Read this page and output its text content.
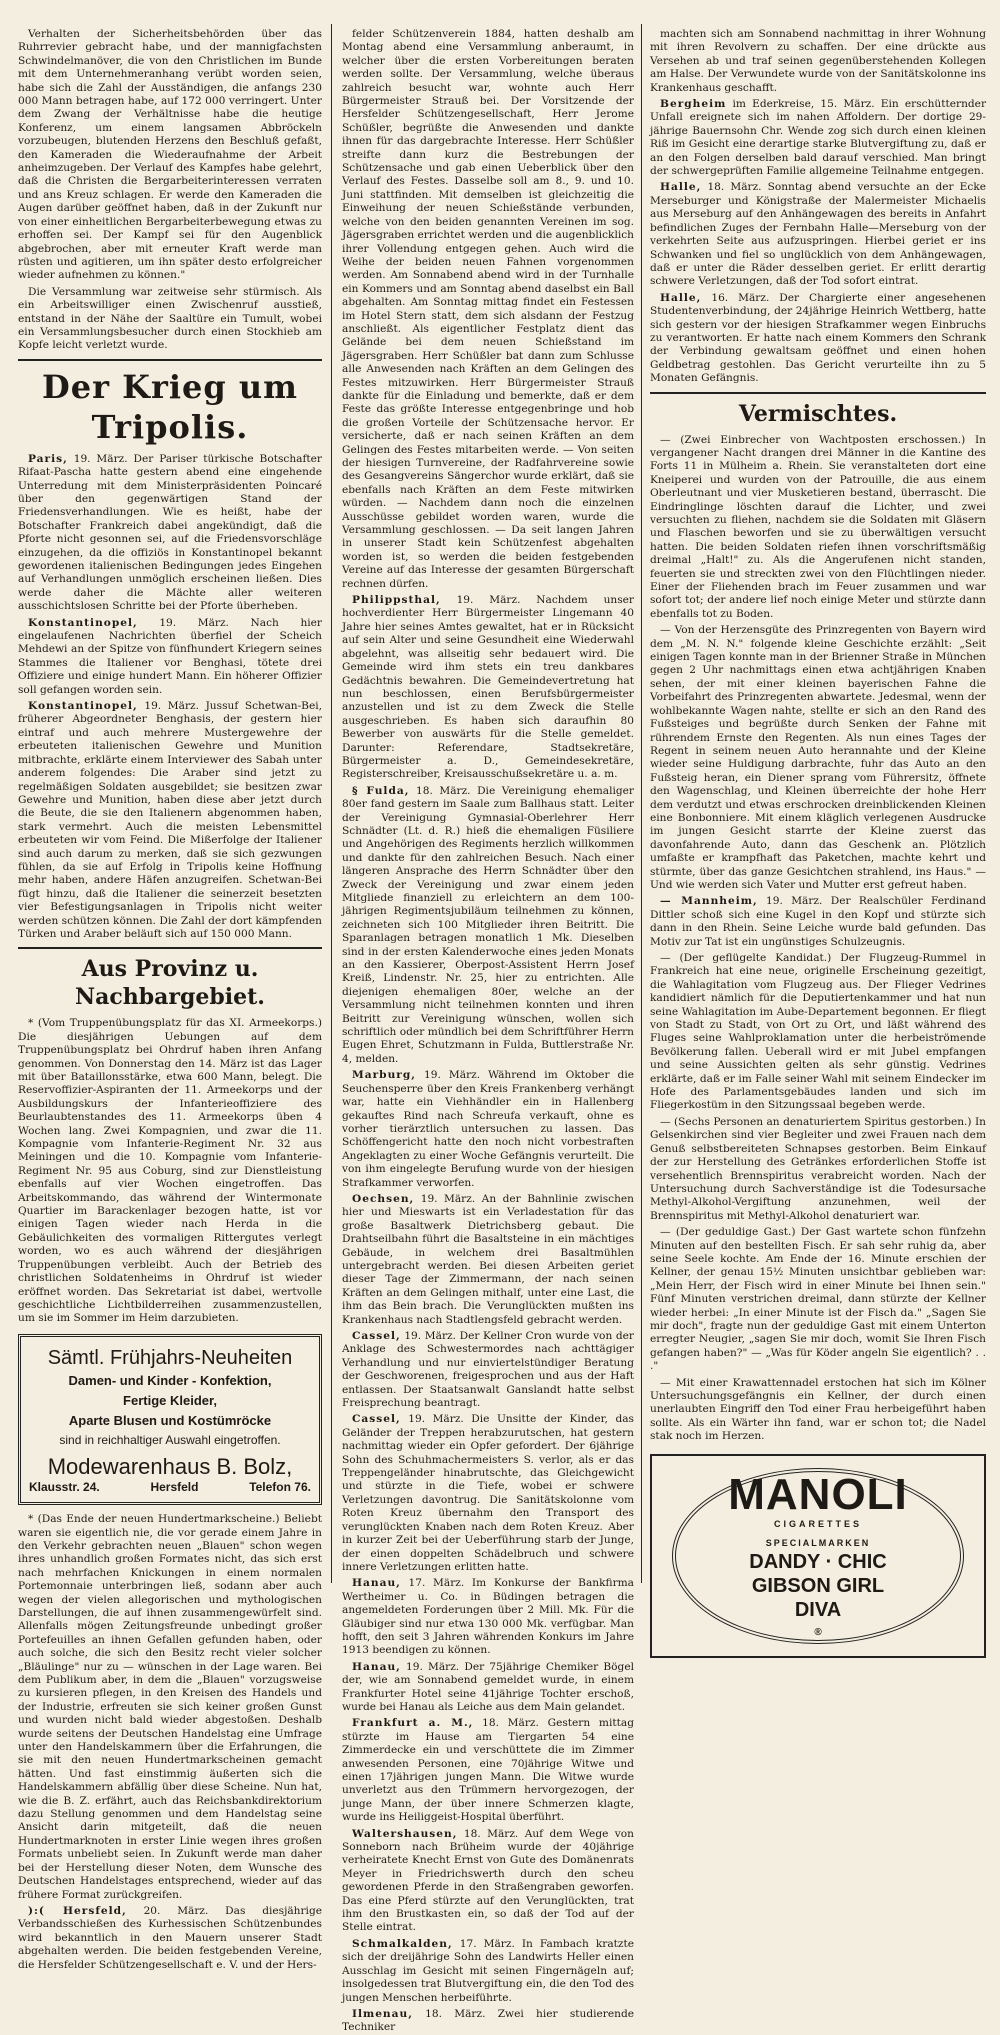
Verhalten der Sicherheitsbehörden über das Ruhrrevier gebracht habe, und der mannigfachsten Schwindelmanöver, die von den Christlichen im Bunde mit dem Unternehmeranhang verübt worden seien, habe sich die Zahl der Ausständigen, die anfangs 230 000 Mann betragen habe, auf 172 000 verringert. Unter dem Zwang der Verhältnisse habe die heutige Konferenz, um einem langsamen Abbröckeln vorzubeugen, blutenden Herzens den Beschluß gefaßt, den Kameraden die Wiederaufnahme der Arbeit anheimzugeben. Der Verlauf des Kampfes habe gelehrt, daß die Christen die Bergarbeiterinteressen verraten und ans Kreuz schlagen. Er werde den Kameraden die Augen darüber geöffnet haben, daß in der Zukunft nur von einer einheitlichen Bergarbeiterbewegung etwas zu erhoffen sei. Der Kampf sei für den Augenblick abgebrochen, aber mit erneuter Kraft werde man rüsten und agitieren, um ihn später desto erfolgreicher wieder aufnehmen zu können."

Die Versammlung war zeitweise sehr stürmisch. Als ein Arbeitswilliger einen Zwischenruf ausstieß, entstand in der Nähe der Saaltüre ein Tumult, wobei ein Versammlungsbesucher durch einen Stockhieb am Kopfe leicht verletzt wurde.

Der Krieg um Tripolis.

Paris, 19. März. Der Pariser türkische Botschafter Rifaat-Pascha hatte gestern abend eine eingehende Unterredung mit dem Ministerpräsidenten Poincaré über den gegenwärtigen Stand der Friedensverhandlungen. Wie es heißt, habe der Botschafter Frankreich dabei angekündigt, daß die Pforte nicht gesonnen sei, auf die Friedensvorschläge einzugehen, da die offiziös in Konstantinopel bekannt gewordenen italienischen Bedingungen jedes Eingehen auf Verhandlungen unmöglich erscheinen ließen. Dies werde daher die Mächte aller weiteren ausschichtslosen Schritte bei der Pforte überheben.

Konstantinopel, 19. März. Nach hier eingelaufenen Nachrichten überfiel der Scheich Mehdewi an der Spitze von fünfhundert Kriegern seines Stammes die Italiener vor Benghasi, tötete drei Offiziere und einige hundert Mann. Ein höherer Offizier soll gefangen worden sein.

Konstantinopel, 19. März. Jussuf Schetwan-Bei, früherer Abgeordneter Benghasis, der gestern hier eintraf und auch mehrere Mustergewehre der erbeuteten italienischen Gewehre und Munition mitbrachte, erklärte einem Interviewer des Sabah unter anderem folgendes: Die Araber sind jetzt zu regelmäßigen Soldaten ausgebildet; sie besitzen zwar Gewehre und Munition, haben diese aber jetzt durch die Beute, die sie den Italienern abgenommen haben, stark vermehrt. Auch die meisten Lebensmittel erbeuteten wir vom Feind. Die Mißerfolge der Italiener sind auch darum zu merken, daß sie sich gezwungen fühlen, da sie auf Erfolg in Tripolis keine Hoffnung mehr haben, andere Häfen anzugreifen. Schetwan-Bei fügt hinzu, daß die Italiener die seinerzeit besetzten vier Befestigungsanlagen in Tripolis nicht weiter werden schützen können. Die Zahl der dort kämpfenden Türken und Araber beläuft sich auf 150 000 Mann.

Aus Provinz u. Nachbargebiet.

* (Vom Truppenübungsplatz für das XI. Armeekorps.) Die diesjährigen Uebungen auf dem Truppenübungsplatz bei Ohrdruf haben ihren Anfang genommen. Von Donnerstag den 14. März ist das Lager mit über Bataillonsstärke, etwa 600 Mann, belegt. Die Reservoffizier-Aspiranten der 11. Armeekorps und der Ausbildungskurs der Infanterieoffiziere des Beurlaubtenstandes des 11. Armeekorps üben 4 Wochen lang. Zwei Kompagnien, und zwar die 11. Kompagnie vom Infanterie-Regiment Nr. 32 aus Meiningen und die 10. Kompagnie vom Infanterie-Regiment Nr. 95 aus Coburg, sind zur Dienstleistung ebenfalls auf vier Wochen eingetroffen. Das Arbeitskommando, das während der Wintermonate Quartier im Barackenlager bezogen hatte, ist vor einigen Tagen wieder nach Herda in die Gebäulichkeiten des vormaligen Rittergutes verlegt worden, wo es auch während der diesjährigen Truppenübungen verbleibt. Auch der Betrieb des christlichen Soldatenheims in Ohrdruf ist wieder eröffnet worden. Das Sekretariat ist dabei, wertvolle geschichtliche Lichtbilderreihen zusammenzustellen, um sie im Sommer im Heim darzubieten.

Sämtl. Frühjahrs-Neuheiten
Damen- und Kinder - Konfektion,
Fertige Kleider,
Aparte Blusen und Kostümröcke
sind in reichhaltiger Auswahl eingetroffen.
Modewarenhaus B. Bolz,
Klausstr. 24.	Hersfeld	Telefon 76.

* (Das Ende der neuen Hundertmarkscheine.) Beliebt waren sie eigentlich nie, die vor gerade einem Jahre in den Verkehr gebrachten neuen „Blauen" schon wegen ihres unhandlich großen Formates nicht, das sich erst nach mehrfachen Knickungen in einem normalen Portemonnaie unterbringen ließ, sodann aber auch wegen der vielen allegorischen und mythologischen Darstellungen, die auf ihnen zusammengewürfelt sind. Allenfalls mögen Zeitungsfreunde unbedingt großer Portefeuilles an ihnen Gefallen gefunden haben, oder auch solche, die sich den Besitz recht vieler solcher „Bläulinge" nur zu — wünschen in der Lage waren. Bei dem Publikum aber, in dem die „Blauen" vorzugsweise zu kursieren pflegen, in den Kreisen des Handels und der Industrie, erfreuten sie sich keiner großen Gunst und wurden nicht bald wieder abgestoßen. Deshalb wurde seitens der Deutschen Handelstag eine Umfrage unter den Handelskammern über die Erfahrungen, die sie mit den neuen Hundertmarkscheinen gemacht hätten. Und fast einstimmig äußerten sich die Handelskammern abfällig über diese Scheine. Nun hat, wie die B. Z. erfährt, auch das Reichsbankdirektorium dazu Stellung genommen und dem Handelstag seine Ansicht darin mitgeteilt, daß die neuen Hundertmarknoten in erster Linie wegen ihres großen Formats unbeliebt seien. In Zukunft werde man daher bei der Herstellung dieser Noten, dem Wunsche des Deutschen Handelstages entsprechend, wieder auf das frühere Format zurückgreifen.

):( Hersfeld, 20. März. Das diesjährige Verbandsschießen des Kurhessischen Schützenbundes wird bekanntlich in den Mauern unserer Stadt abgehalten werden. Die beiden festgebenden Vereine, die Hersfelder Schützengesellschaft e. V. und der Hers-

felder Schützenverein 1884, hatten deshalb am Montag abend eine Versammlung anberaumt, in welcher über die ersten Vorbereitungen beraten werden sollte. Der Versammlung, welche überaus zahlreich besucht war, wohnte auch Herr Bürgermeister Strauß bei. Der Vorsitzende der Hersfelder Schützengesellschaft, Herr Jerome Schüßler, begrüßte die Anwesenden und dankte ihnen für das dargebrachte Interesse. Herr Schüßler streifte dann kurz die Bestrebungen der Schützensache und gab einen Ueberblick über den Verlauf des Festes. Dasselbe soll am 8., 9. und 10. Juni stattfinden. Mit demselben ist gleichzeitig die Einweihung der neuen Schießstände verbunden, welche von den beiden genannten Vereinen im sog. Jägersgraben errichtet werden und die augenblicklich ihrer Vollendung entgegen gehen. Auch wird die Weihe der beiden neuen Fahnen vorgenommen werden. Am Sonnabend abend wird in der Turnhalle ein Kommers und am Sonntag abend daselbst ein Ball abgehalten. Am Sonntag mittag findet ein Festessen im Hotel Stern statt, dem sich alsdann der Festzug anschließt. Als eigentlicher Festplatz dient das Gelände bei dem neuen Schießstand im Jägersgraben. Herr Schüßler bat dann zum Schlusse alle Anwesenden nach Kräften an dem Gelingen des Festes mitzuwirken. Herr Bürgermeister Strauß dankte für die Einladung und bemerkte, daß er dem Feste das größte Interesse entgegenbringe und hob die großen Vorteile der Schützensache hervor. Er versicherte, daß er nach seinen Kräften an dem Gelingen des Festes mitarbeiten werde. — Von seiten der hiesigen Turnvereine, der Radfahrvereine sowie des Gesangvereins Sängerchor wurde erklärt, daß sie ebenfalls nach Kräften an dem Feste mitwirken würden. — Nachdem dann noch die einzelnen Ausschüsse gebildet worden waren, wurde die Versammlung geschlossen. — Da seit langen Jahren in unserer Stadt kein Schützenfest abgehalten worden ist, so werden die beiden festgebenden Vereine auf das Interesse der gesamten Bürgerschaft rechnen dürfen.

Philippsthal, 19. März. Nachdem unser hochverdienter Herr Bürgermeister Lingemann 40 Jahre hier seines Amtes gewaltet, hat er in Rücksicht auf sein Alter und seine Gesundheit eine Wiederwahl abgelehnt, was allseitig sehr bedauert wird. Die Gemeinde wird ihm stets ein treu dankbares Gedächtnis bewahren. Die Gemeindevertretung hat nun beschlossen, einen Berufsbürgermeister anzustellen und ist zu dem Zweck die Stelle ausgeschrieben. Es haben sich daraufhin 80 Bewerber von auswärts für die Stelle gemeldet. Darunter: Referendare, Stadtsekretäre, Bürgermeister a. D., Gemeindesekretäre, Registerschreiber, Kreisausschußsekretäre u. a. m.

§ Fulda, 18. März. Die Vereinigung ehemaliger 80er fand gestern im Saale zum Ballhaus statt. Leiter der Vereinigung Gymnasial-Oberlehrer Herr Schnädter (Lt. d. R.) hieß die ehemaligen Füsiliere und Angehörigen des Regiments herzlich willkommen und dankte für den zahlreichen Besuch. Nach einer längeren Ansprache des Herrn Schnädter über den Zweck der Vereinigung und zwar einem jeden Mitgliede finanziell zu erleichtern an dem 100-jährigen Regimentsjubiläum teilnehmen zu können, zeichneten sich 100 Mitglieder ihren Beitritt. Die Sparanlagen betragen monatlich 1 Mk. Dieselben sind in der ersten Kalenderwoche eines jeden Monats an den Kassierer, Oberpost-Assistent Herrn Josef Kreiß, Lindenstr. Nr. 25, hier zu entrichten. Alle diejenigen ehemaligen 80er, welche an der Versammlung nicht teilnehmen konnten und ihren Beitritt zur Vereinigung wünschen, wollen sich schriftlich oder mündlich bei dem Schriftführer Herrn Eugen Ehret, Schutzmann in Fulda, Buttlerstraße Nr. 4, melden.

Marburg, 19. März. Während im Oktober die Seuchensperre über den Kreis Frankenberg verhängt war, hatte ein Viehhändler ein in Hallenberg gekauftes Rind nach Schreufa verkauft, ohne es vorher tierärztlich untersuchen zu lassen. Das Schöffengericht hatte den noch nicht vorbestraften Angeklagten zu einer Woche Gefängnis verurteilt. Die von ihm eingelegte Berufung wurde von der hiesigen Strafkammer verworfen.

Oechsen, 19. März. An der Bahnlinie zwischen hier und Mieswarts ist ein Verladestation für das große Basaltwerk Dietrichsberg gebaut. Die Drahtseilbahn führt die Basaltsteine in ein mächtiges Gebäude, in welchem drei Basaltmühlen untergebracht werden. Bei diesen Arbeiten geriet dieser Tage der Zimmermann, der nach seinen Kräften an dem Gelingen mithalf, unter eine Last, die ihm das Bein brach. Die Verunglückten mußten ins Krankenhaus nach Stadtlengsfeld gebracht werden.

Cassel, 19. März. Der Kellner Cron wurde von der Anklage des Schwestermordes nach achttägiger Verhandlung und nur einviertelstündiger Beratung der Geschworenen, freigesprochen und aus der Haft entlassen. Der Staatsanwalt Ganslandt hatte selbst Freisprechung beantragt.

Cassel, 19. März. Die Unsitte der Kinder, das Geländer der Treppen herabzurutschen, hat gestern nachmittag wieder ein Opfer gefordert. Der 6jährige Sohn des Schuhmachermeisters S. verlor, als er das Treppengeländer hinabrutschte, das Gleichgewicht und stürzte in die Tiefe, wobei er schwere Verletzungen davontrug. Die Sanitätskolonne vom Roten Kreuz übernahm den Transport des verunglückten Knaben nach dem Roten Kreuz. Aber in kurzer Zeit bei der Ueberführung starb der Junge, der einen doppelten Schädelbruch und schwere innere Verletzungen erlitten hatte.

Hanau, 17. März. Im Konkurse der Bankfirma Wertheimer u. Co. in Büdingen betragen die angemeldeten Forderungen über 2 Mill. Mk. Für die Gläubiger sind nur etwa 130 000 Mk. verfügbar. Man hofft, den seit 3 Jahren währenden Konkurs im Jahre 1913 beendigen zu können.

Hanau, 19. März. Der 75jährige Chemiker Bögel der, wie am Sonnabend gemeldet wurde, in einem Frankfurter Hotel seine 41jährige Tochter erschoß, wurde bei Hanau als Leiche aus dem Main gelandet.

Frankfurt a. M., 18. März. Gestern mittag stürzte im Hause am Tiergarten 54 eine Zimmerdecke ein und verschüttete die im Zimmer anwesenden Personen, eine 70jährige Witwe und einen 17jährigen jungen Mann. Die Witwe wurde unverletzt aus den Trümmern hervorgezogen, der junge Mann, der über innere Schmerzen klagte, wurde ins Heiliggeist-Hospital überführt.

Waltershausen, 18. März. Auf dem Wege von Sonneborn nach Brüheim wurde der 40jährige verheiratete Knecht Ernst von Gute des Domänenrats Meyer in Friedrichswerth durch den scheu gewordenen Pferde in den Straßengraben geworfen. Das eine Pferd stürzte auf den Verunglückten, trat ihm den Brustkasten ein, so daß der Tod auf der Stelle eintrat.

Schmalkalden, 17. März. In Fambach kratzte sich der dreijährige Sohn des Landwirts Heller einen Ausschlag im Gesicht mit seinen Fingernägeln auf; insolgedessen trat Blutvergiftung ein, die den Tod des jungen Menschen herbeiführte.

Ilmenau, 18. März. Zwei hier studierende Techniker

machten sich am Sonnabend nachmittag in ihrer Wohnung mit ihren Revolvern zu schaffen. Der eine drückte aus Versehen ab und traf seinen gegenüberstehenden Kollegen am Halse. Der Verwundete wurde von der Sanitätskolonne ins Krankenhaus geschafft.

Bergheim im Ederkreise, 15. März. Ein erschütternder Unfall ereignete sich im nahen Affoldern. Der dortige 29-jährige Bauernsohn Chr. Wende zog sich durch einen kleinen Riß im Gesicht eine derartige starke Blutvergiftung zu, daß er an den Folgen derselben bald darauf verschied. Man bringt der schwergeprüften Familie allgemeine Teilnahme entgegen.

Halle, 18. März. Sonntag abend versuchte an der Ecke Merseburger und Königstraße der Malermeister Michaelis aus Merseburg auf den Anhängewagen des bereits in Anfahrt befindlichen Zuges der Fernbahn Halle—Merseburg von der verkehrten Seite aus aufzuspringen. Hierbei geriet er ins Schwanken und fiel so unglücklich von dem Anhängewagen, daß er unter die Räder desselben geriet. Er erlitt derartig schwere Verletzungen, daß der Tod sofort eintrat.

Halle, 16. März. Der Chargierte einer angesehenen Studentenverbindung, der 24jährige Heinrich Wettberg, hatte sich gestern vor der hiesigen Strafkammer wegen Einbruchs zu verantworten. Er hatte nach einem Kommers den Schrank der Verbindung gewaltsam geöffnet und einen hohen Geldbetrag gestohlen. Das Gericht verurteilte ihn zu 5 Monaten Gefängnis.

Vermischtes.

— (Zwei Einbrecher von Wachtposten erschossen.) In vergangener Nacht drangen drei Männer in die Kantine des Forts 11 in Mülheim a. Rhein. Sie veranstalteten dort eine Kneiperei und wurden von der Patrouille, die aus einem Oberleutnant und vier Musketieren bestand, überrascht. Die Eindringlinge löschten darauf die Lichter, und zwei versuchten zu fliehen, nachdem sie die Soldaten mit Gläsern und Flaschen beworfen und sie zu überwältigen versucht hatten. Die beiden Soldaten riefen ihnen vorschriftsmäßig dreimal „Halt!" zu. Als die Angerufenen nicht standen, feuerten sie und streckten zwei von den Flüchtlingen nieder. Einer der Fliehenden brach im Feuer zusammen und war sofort tot; der andere lief noch einige Meter und stürzte dann ebenfalls tot zu Boden.

— Von der Herzensgüte des Prinzregenten von Bayern wird dem „M. N. N." folgende kleine Geschichte erzählt: „Seit einigen Tagen konnte man in der Brienner Straße in München gegen 2 Uhr nachmittags einen etwa achtjährigen Knaben sehen, der mit einer kleinen bayerischen Fahne die Vorbeifahrt des Prinzregenten abwartete. Jedesmal, wenn der wohlbekannte Wagen nahte, stellte er sich an den Rand des Fußsteiges und begrüßte durch Senken der Fahne mit rührendem Ernste den Regenten. Als nun eines Tages der Regent in seinem neuen Auto herannahte und der Kleine wieder seine Huldigung darbrachte, fuhr das Auto an den Fußsteig heran, ein Diener sprang vom Führersitz, öffnete den Wagenschlag, und Kleinen überreichte der hohe Herr dem verdutzt und etwas erschrocken dreinblickenden Kleinen eine Bonbonniere. Mit einem kläglich verlegenen Ausdrucke im jungen Gesicht starrte der Kleine zuerst das davonfahrende Auto, dann das Geschenk an. Plötzlich umfaßte er krampfhaft das Paketchen, machte kehrt und stürmte, über das ganze Gesichtchen strahlend, ins Haus." — Und wie werden sich Vater und Mutter erst gefreut haben.

— Mannheim, 19. März. Der Realschüler Ferdinand Dittler schoß sich eine Kugel in den Kopf und stürzte sich dann in den Rhein. Seine Leiche wurde bald gefunden. Das Motiv zur Tat ist ein ungünstiges Schulzeugnis.

— (Der geflügelte Kandidat.) Der Flugzeug-Rummel in Frankreich hat eine neue, originelle Erscheinung gezeitigt, die Wahlagitation vom Flugzeug aus. Der Flieger Vedrines kandidiert nämlich für die Deputiertenkammer und hat nun seine Wahlagitation im Aube-Departement begonnen. Er fliegt von Stadt zu Stadt, von Ort zu Ort, und läßt während des Fluges seine Wahlproklamation unter die herbeiströmende Bevölkerung fallen. Ueberall wird er mit Jubel empfangen und seine Aussichten gelten als sehr günstig. Vedrines erklärte, daß er im Falle seiner Wahl mit seinem Eindecker im Hofe des Parlamentsgebäudes landen und sich im Fliegerkostüm in den Sitzungssaal begeben werde.

— (Sechs Personen an denaturiertem Spiritus gestorben.) In Gelsenkirchen sind vier Begleiter und zwei Frauen nach dem Genuß selbstbereiteten Schnapses gestorben. Beim Einkauf der zur Herstellung des Getränkes erforderlichen Stoffe ist versehentlich Brennspiritus verabreicht worden. Nach der Untersuchung durch Sachverständige ist die Todesursache Methyl-Alkohol-Vergiftung anzunehmen, weil der Brennspiritus mit Methyl-Alkohol denaturiert war.

— (Der geduldige Gast.) Der Gast wartete schon fünfzehn Minuten auf den bestellten Fisch. Er sah sehr ruhig da, aber seine Seele kochte. Am Ende der 16. Minute erschien der Kellner, der genau 15½ Minuten unsichtbar geblieben war: „Mein Herr, der Fisch wird in einer Minute bei Ihnen sein." Fünf Minuten verstrichen dreimal, dann stürzte der Kellner wieder herbei: „In einer Minute ist der Fisch da." „Sagen Sie mir doch", fragte nun der geduldige Gast mit einem Unterton erregter Neugier, „sagen Sie mir doch, womit Sie Ihren Fisch gefangen haben?" — „Was für Köder angeln Sie eigentlich? . . ."

— Mit einer Krawattennadel erstochen hat sich im Kölner Untersuchungsgefängnis ein Kellner, der durch einen unerlaubten Eingriff den Tod einer Frau herbeigeführt haben sollte. Als ein Wärter ihn fand, war er schon tot; die Nadel stak noch im Herzen.

MANOLI
CIGARETTES
SPECIALMARKEN
DANDY · CHIC
GIBSON GIRL
DIVA
®
